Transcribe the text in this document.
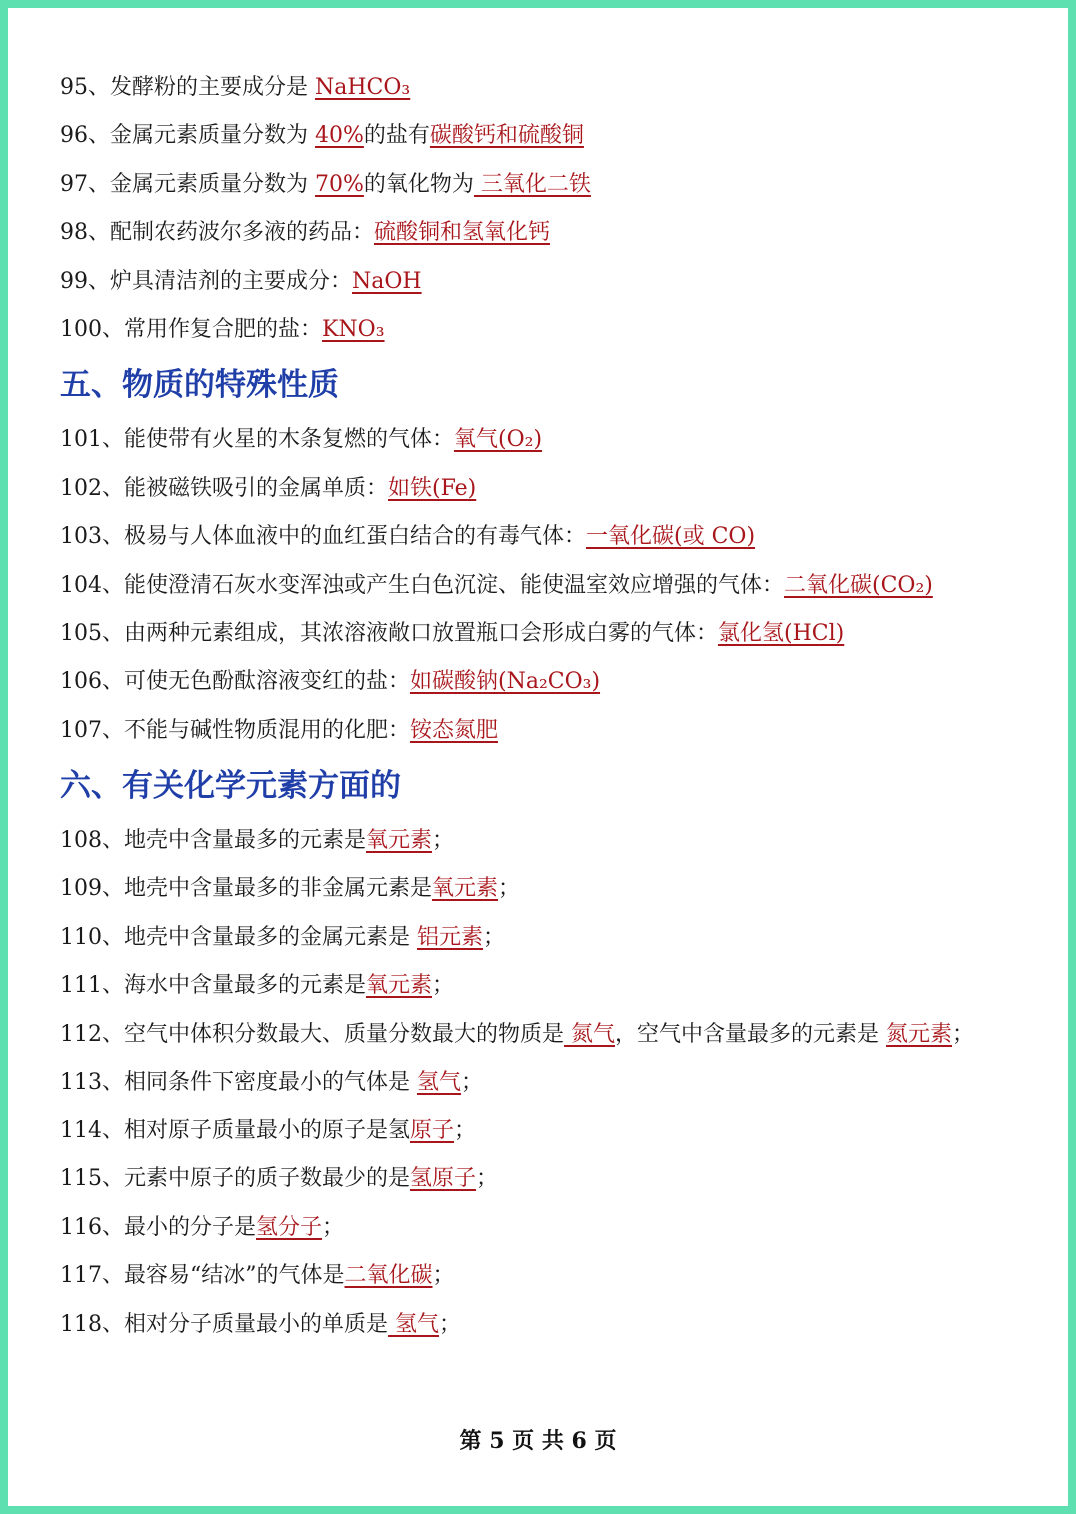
95、发酵粉的主要成分是 NaHCO₃
96、金属元素质量分数为 40%的盐有碳酸钙和硫酸铜
97、金属元素质量分数为 70%的氧化物为 三氧化二铁
98、配制农药波尔多液的药品：硫酸铜和氢氧化钙
99、炉具清洁剂的主要成分：NaOH
100、常用作复合肥的盐：KNO₃
五、物质的特殊性质
101、能使带有火星的木条复燃的气体：氧气(O₂)
102、能被磁铁吸引的金属单质：如铁(Fe)
103、极易与人体血液中的血红蛋白结合的有毒气体：一氧化碳(或 CO)
104、能使澄清石灰水变浑浊或产生白色沉淀、能使温室效应增强的气体：二氧化碳(CO₂)
105、由两种元素组成，其浓溶液敞口放置瓶口会形成白雾的气体：氯化氢(HCl)
106、可使无色酚酞溶液变红的盐：如碳酸钠(Na₂CO₃)
107、不能与碱性物质混用的化肥：铵态氮肥
六、有关化学元素方面的
108、地壳中含量最多的元素是氧元素；
109、地壳中含量最多的非金属元素是氧元素；
110、地壳中含量最多的金属元素是 铝元素；
111、海水中含量最多的元素是氧元素；
112、空气中体积分数最大、质量分数最大的物质是 氮气，空气中含量最多的元素是 氮元素；
113、相同条件下密度最小的气体是 氢气；
114、相对原子质量最小的原子是氢原子；
115、元素中原子的质子数最少的是氢原子；
116、最小的分子是氢分子；
117、最容易“结冰”的气体是二氧化碳；
118、相对分子质量最小的单质是 氢气；
第 5 页 共 6 页
